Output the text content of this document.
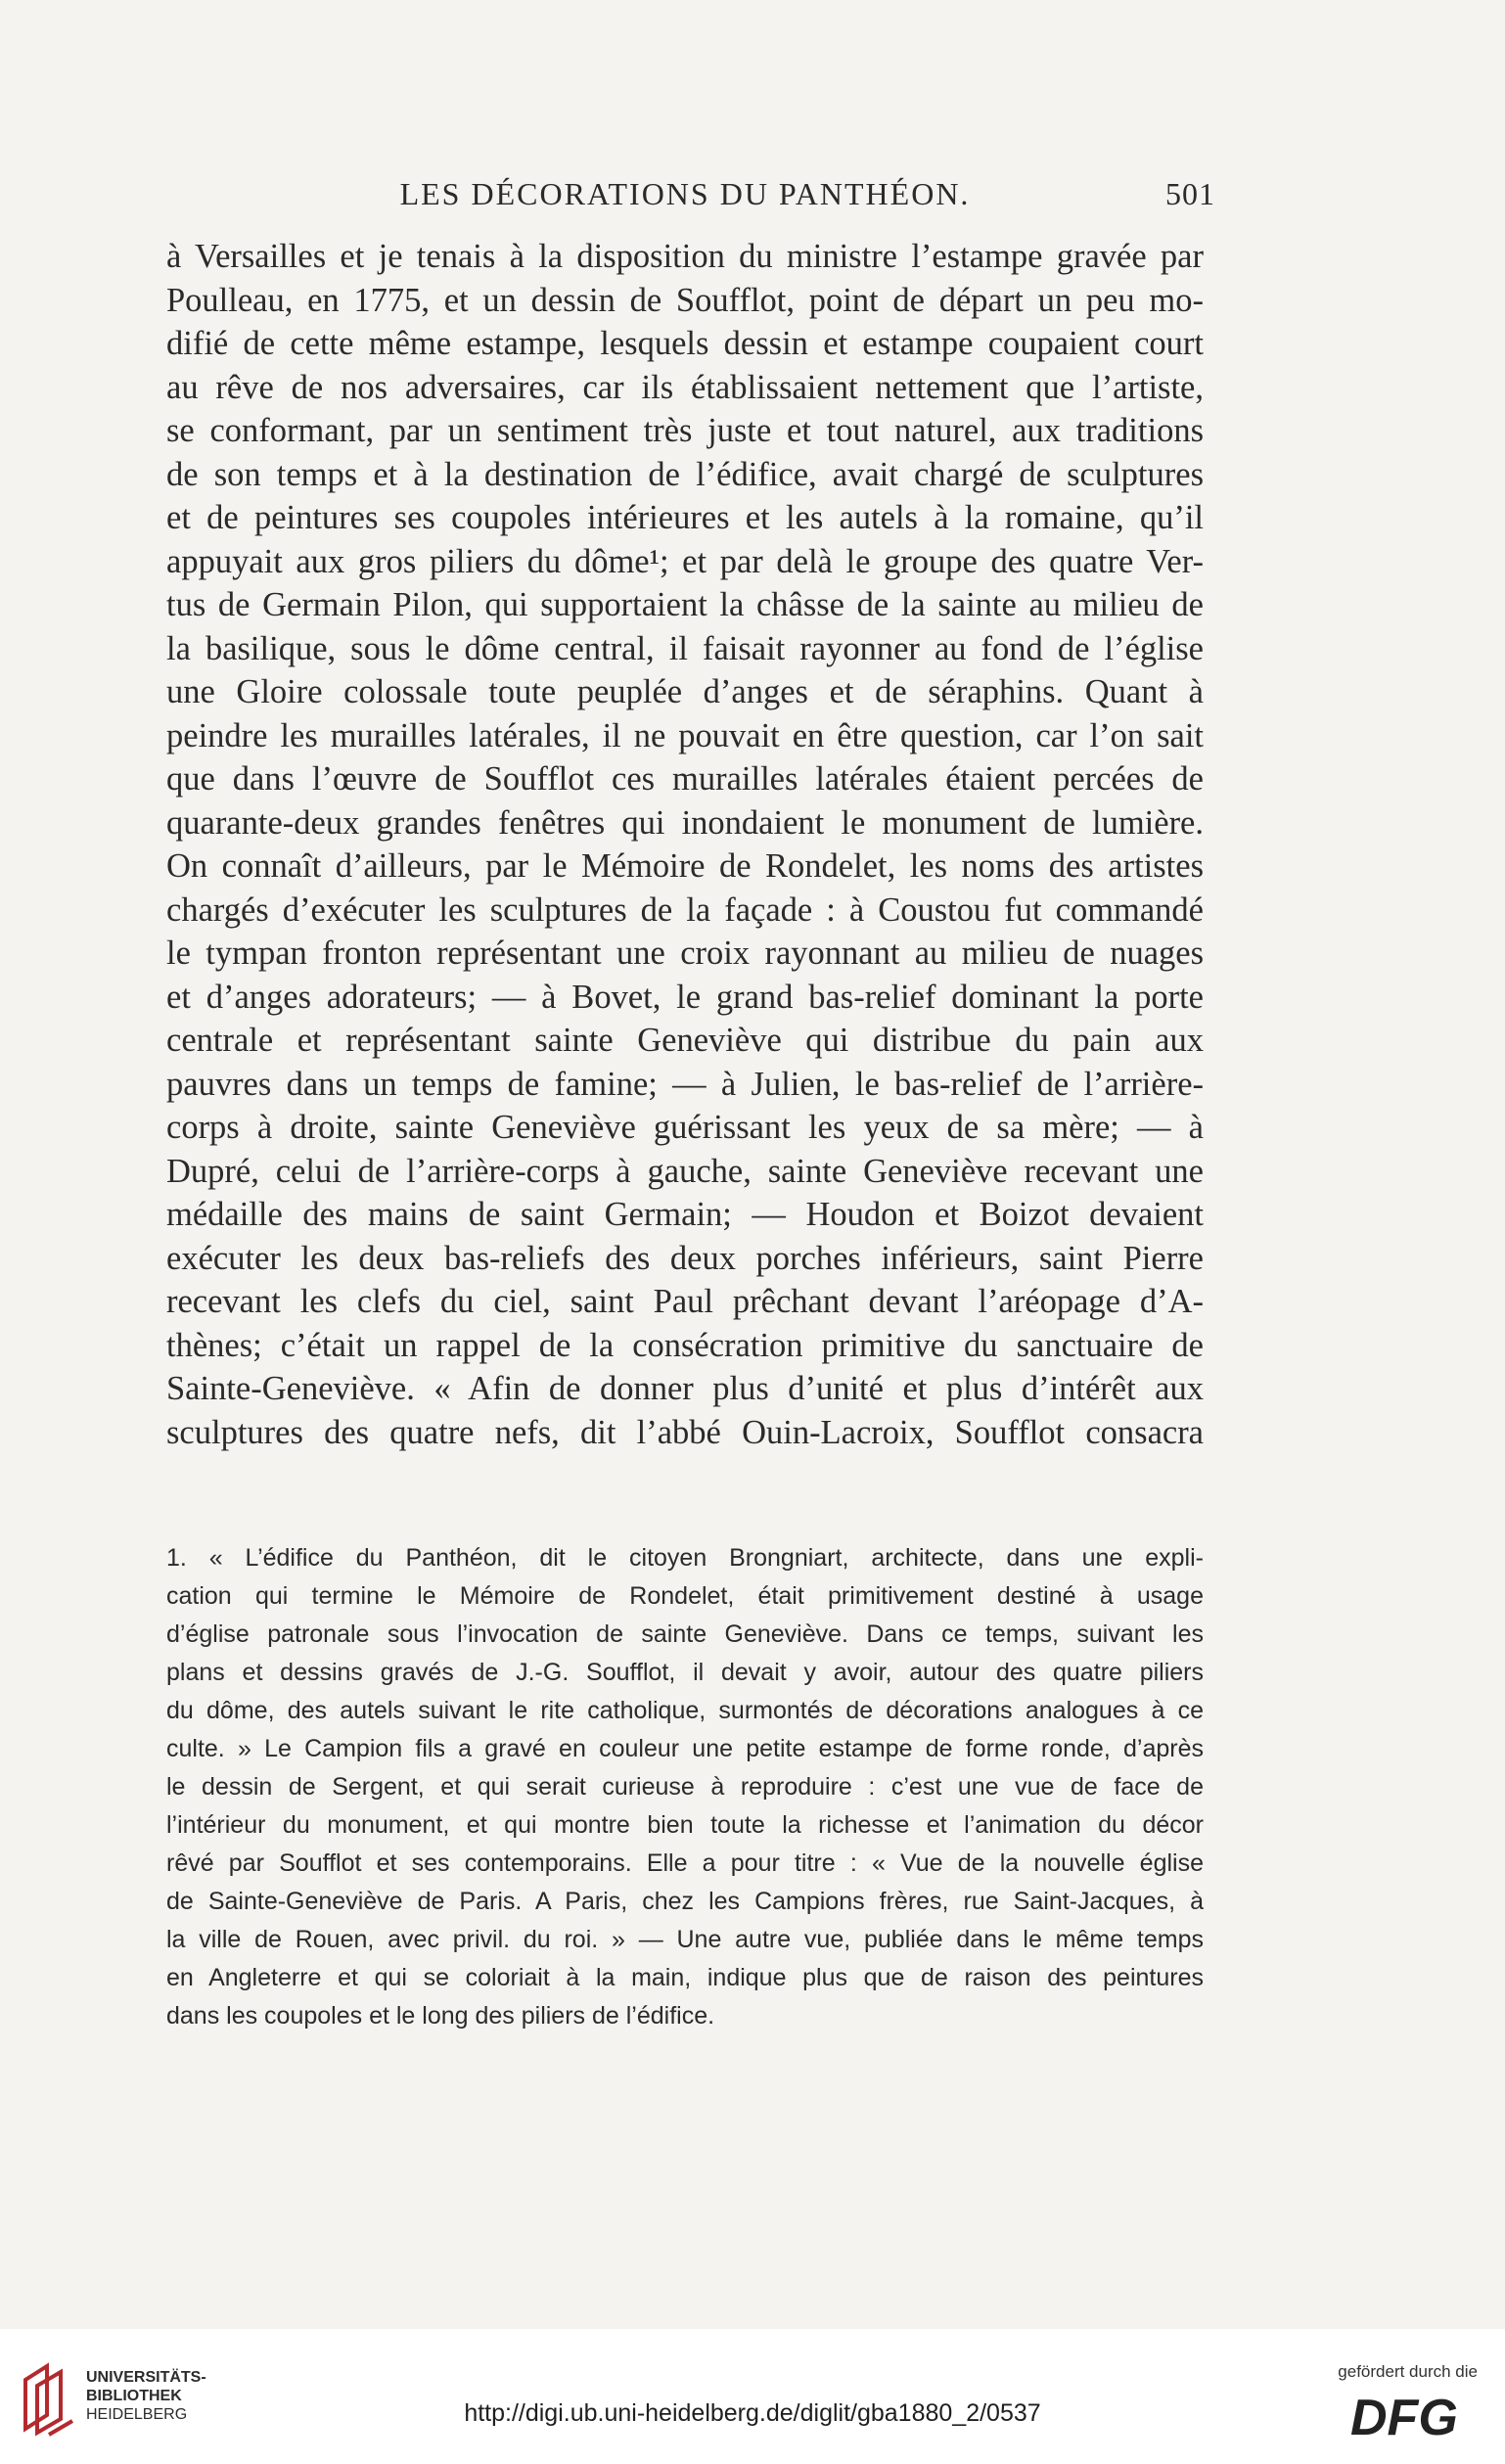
LES DÉCORATIONS DU PANTHÉON.	501
à Versailles et je tenais à la disposition du ministre l’estampe gravée par
Poulleau, en 1775, et un dessin de Soufflot, point de départ un peu mo-
difié de cette même estampe, lesquels dessin et estampe coupaient court
au rêve de nos adversaires, car ils établissaient nettement que l’artiste,
se conformant, par un sentiment très juste et tout naturel, aux traditions
de son temps et à la destination de l’édifice, avait chargé de sculptures
et de peintures ses coupoles intérieures et les autels à la romaine, qu’il
appuyait aux gros piliers du dôme¹; et par delà le groupe des quatre Ver-
tus de Germain Pilon, qui supportaient la châsse de la sainte au milieu de
la basilique, sous le dôme central, il faisait rayonner au fond de l’église
une Gloire colossale toute peuplée d’anges et de séraphins. Quant à
peindre les murailles latérales, il ne pouvait en être question, car l’on sait
que dans l’œuvre de Soufflot ces murailles latérales étaient percées de
quarante-deux grandes fenêtres qui inondaient le monument de lumière.
On connaît d’ailleurs, par le Mémoire de Rondelet, les noms des artistes
chargés d’exécuter les sculptures de la façade : à Coustou fut commandé
le tympan fronton représentant une croix rayonnant au milieu de nuages
et d’anges adorateurs; — à Bovet, le grand bas-relief dominant la porte
centrale et représentant sainte Geneviève qui distribue du pain aux
pauvres dans un temps de famine; — à Julien, le bas-relief de l’arrière-
corps à droite, sainte Geneviève guérissant les yeux de sa mère; — à
Dupré, celui de l’arrière-corps à gauche, sainte Geneviève recevant une
médaille des mains de saint Germain; — Houdon et Boizot devaient
exécuter les deux bas-reliefs des deux porches inférieurs, saint Pierre
recevant les clefs du ciel, saint Paul prêchant devant l’aréopage d’A-
thènes; c’était un rappel de la consécration primitive du sanctuaire de
Sainte-Geneviève. « Afin de donner plus d’unité et plus d’intérêt aux
sculptures des quatre nefs, dit l’abbé Ouin-Lacroix, Soufflot consacra
1. « L’édifice du Panthéon, dit le citoyen Brongniart, architecte, dans une expli-
cation qui termine le Mémoire de Rondelet, était primitivement destiné à usage
d’église patronale sous l’invocation de sainte Geneviève. Dans ce temps, suivant les
plans et dessins gravés de J.-G. Soufflot, il devait y avoir, autour des quatre piliers
du dôme, des autels suivant le rite catholique, surmontés de décorations analogues à ce
culte. » Le Campion fils a gravé en couleur une petite estampe de forme ronde, d’après
le dessin de Sergent, et qui serait curieuse à reproduire : c’est une vue de face de
l’intérieur du monument, et qui montre bien toute la richesse et l’animation du décor
rêvé par Soufflot et ses contemporains. Elle a pour titre : « Vue de la nouvelle église
de Sainte-Geneviève de Paris. A Paris, chez les Campions frères, rue Saint-Jacques, à
la ville de Rouen, avec privil. du roi. » — Une autre vue, publiée dans le même temps
en Angleterre et qui se coloriait à la main, indique plus que de raison des peintures
dans les coupoles et le long des piliers de l’édifice.
UNIVERSITÄTS-
BIBLIOTHEK
HEIDELBERG	http://digi.ub.uni-heidelberg.de/diglit/gba1880_2/0537
gefördert durch die
DFG
